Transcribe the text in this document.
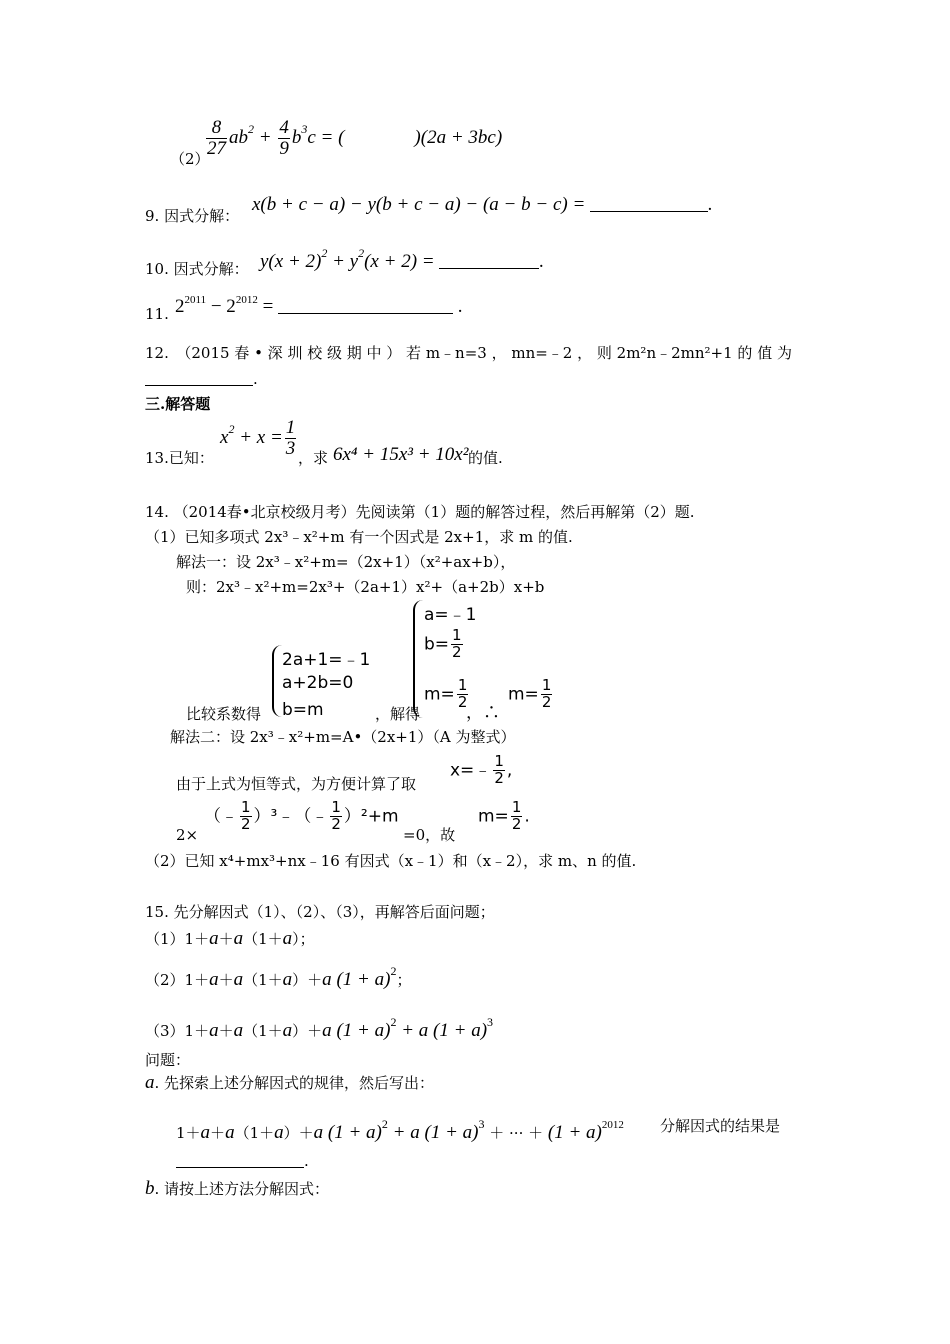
（2）
$\frac{8}{27} ab^2 + \frac{4}{9} b^3c$ = (	)(2a + 3bc)
9. 因式分解：
x(b + c − a) − y(b + c − a) − (a − b − c) =	.
10. 因式分解： $y(x + 2)^2 + y^2(x + 2)$ =	.
11. $2^{2011} - 2^{2012}$ =	.
12.　（2015 春 • 深 圳 校 级 期 中 ） 若 m﹣n=3 ， mn=﹣2 ， 则 2m²n﹣2mn²+1 的 值 为
.
三.解答题
13.已知：
$x^2 + x = \frac{1}{3}$ ，求 6x⁴ + 15x³ + 10x² 的值.
14. （2014春•北京校级月考）先阅读第（1）题的解答过程，然后再解第（2）题.
（1）已知多项式 2x³﹣x²+m 有一个因式是 2x+1，求 m 的值.
解法一：设 2x³﹣x²+m=（2x+1）（x²+ax+b），
则：2x³﹣x²+m=2x³+（2a+1）x²+（a+2b）x+b
比较系数得
2a+1=﹣1
a+2b=0
b=m	，解得
a=﹣1
$b= \frac{1}{2}$
$m= \frac{1}{2}$
，∴
$m= \frac{1}{2}$
解法二：设 2x³﹣x²+m=A•（2x+1）（A 为整式）
由于上式为恒等式，为方便计算了取
x=﹣ $\frac{1}{2}$ ,
2×
（﹣ $\frac{1}{2}$ ）³﹣（﹣ $\frac{1}{2} )^2+m$
=0，故
$m= \frac{1}{2}$ .
（2）已知 x⁴+mx³+nx﹣16 有因式（x﹣1）和（x﹣2），求 m、n 的值.
15. 先分解因式（1）、（2）、（3），再解答后面问题；
（1）1＋a＋a（1＋a）；
（2）1＋a＋a（1＋a）＋a $(1 + a)^2$；
（3）1＋a＋a（1＋a）＋a $(1 + a)^2 + a$ $(1 + a)^3$
问题：
a. 先探索上述分解因式的规律，然后写出：
1＋a＋a（1＋a）＋a $(1 + a)^2 + a$ $(1 + a)^3$ ＋ ··· ＋ $(1 + a)^{2012}$ 分解因式的结果是
.
b. 请按上述方法分解因式：
